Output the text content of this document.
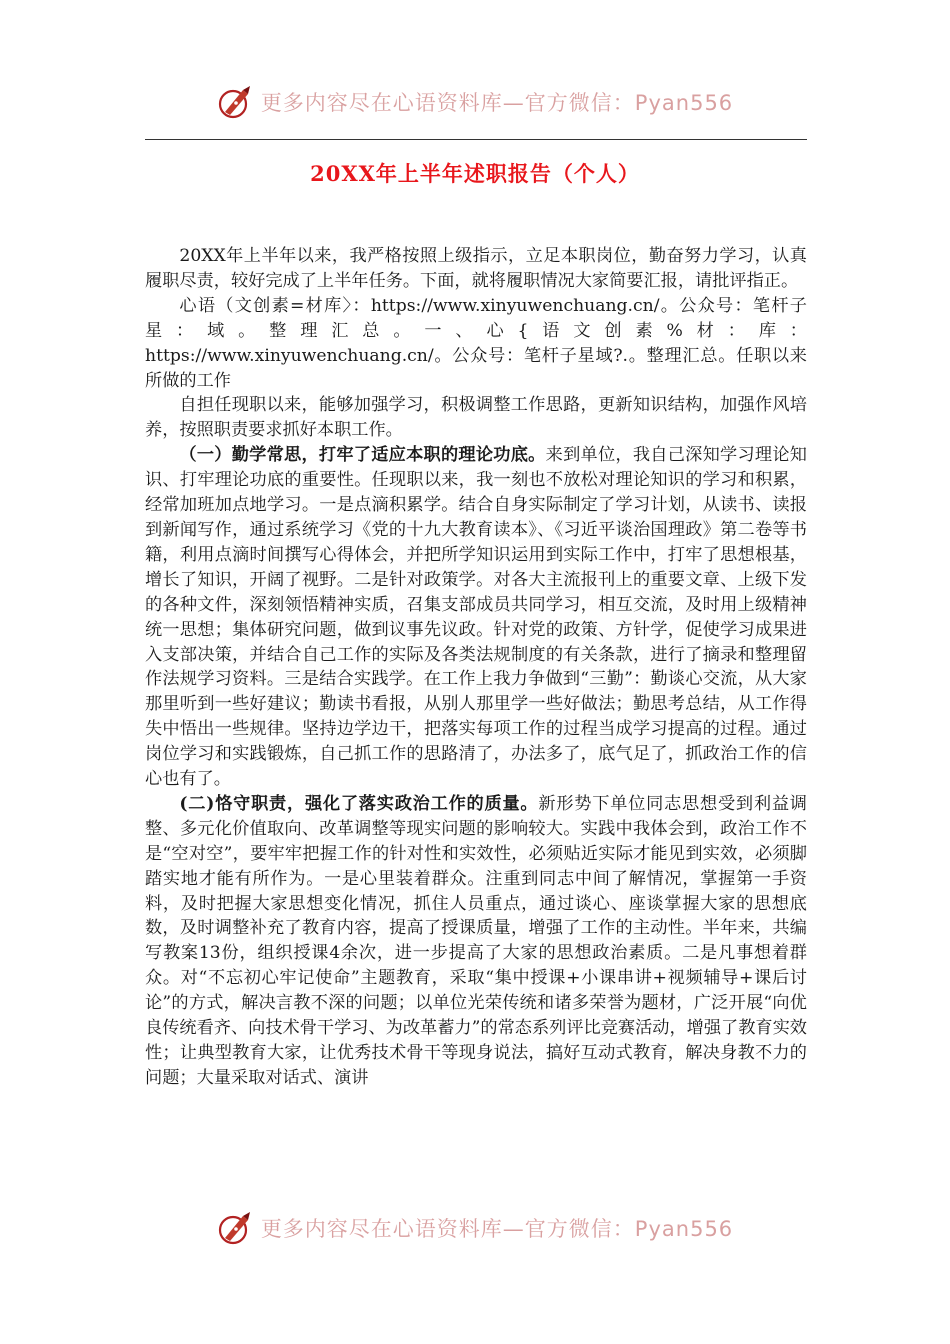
更多内容尽在心语资料库—官方微信：Pyan556
20XX年上半年述职报告（个人）

20XX年上半年以来，我严格按照上级指示，立足本职岗位，勤奋努力学习，认真履职尽责，较好完成了上半年任务。下面，就将履职情况大家简要汇报，请批评指正。

心语（文创素=材库〉：https://www.xinyuwenchuang.cn/。公众号：笔杆子星：域。整理汇总。一、心{语文创素%材：库：https://www.xinyuwenchuang.cn/。公众号：笔杆子星域?.。整理汇总。任职以来所做的工作

自担任现职以来，能够加强学习，积极调整工作思路，更新知识结构，加强作风培养，按照职责要求抓好本职工作。

（一）勤学常思，打牢了适应本职的理论功底。来到单位，我自己深知学习理论知识、打牢理论功底的重要性。任现职以来，我一刻也不放松对理论知识的学习和积累，经常加班加点地学习。一是点滴积累学。结合自身实际制定了学习计划，从读书、读报到新闻写作，通过系统学习《党的十九大教育读本》、《习近平谈治国理政》第二卷等书籍，利用点滴时间撰写心得体会，并把所学知识运用到实际工作中，打牢了思想根基，增长了知识，开阔了视野。二是针对政策学。对各大主流报刊上的重要文章、上级下发的各种文件，深刻领悟精神实质，召集支部成员共同学习，相互交流，及时用上级精神统一思想；集体研究问题，做到议事先议政。针对党的政策、方针学，促使学习成果进入支部决策，并结合自己工作的实际及各类法规制度的有关条款，进行了摘录和整理留作法规学习资料。三是结合实践学。在工作上我力争做到“三勤”：勤谈心交流，从大家那里听到一些好建议；勤读书看报，从别人那里学一些好做法；勤思考总结，从工作得失中悟出一些规律。坚持边学边干，把落实每项工作的过程当成学习提高的过程。通过岗位学习和实践锻炼，自己抓工作的思路清了，办法多了，底气足了，抓政治工作的信心也有了。

(二)恪守职责，强化了落实政治工作的质量。新形势下单位同志思想受到利益调整、多元化价值取向、改革调整等现实问题的影响较大。实践中我体会到，政治工作不是“空对空”，要牢牢把握工作的针对性和实效性，必须贴近实际才能见到实效，必须脚踏实地才能有所作为。一是心里装着群众。注重到同志中间了解情况，掌握第一手资料，及时把握大家思想变化情况，抓住人员重点，通过谈心、座谈掌握大家的思想底数，及时调整补充了教育内容，提高了授课质量，增强了工作的主动性。半年来，共编写教案13份，组织授课4余次，进一步提高了大家的思想政治素质。二是凡事想着群众。对“不忘初心牢记使命”主题教育，采取“集中授课+小课串讲+视频辅导+课后讨论”的方式，解决言教不深的问题；以单位光荣传统和诸多荣誉为题材，广泛开展“向优良传统看齐、向技术骨干学习、为改革蓄力”的常态系列评比竞赛活动，增强了教育实效性；让典型教育大家，让优秀技术骨干等现身说法，搞好互动式教育，解决身教不力的问题；大量采取对话式、演讲

更多内容尽在心语资料库—官方微信：Pyan556
